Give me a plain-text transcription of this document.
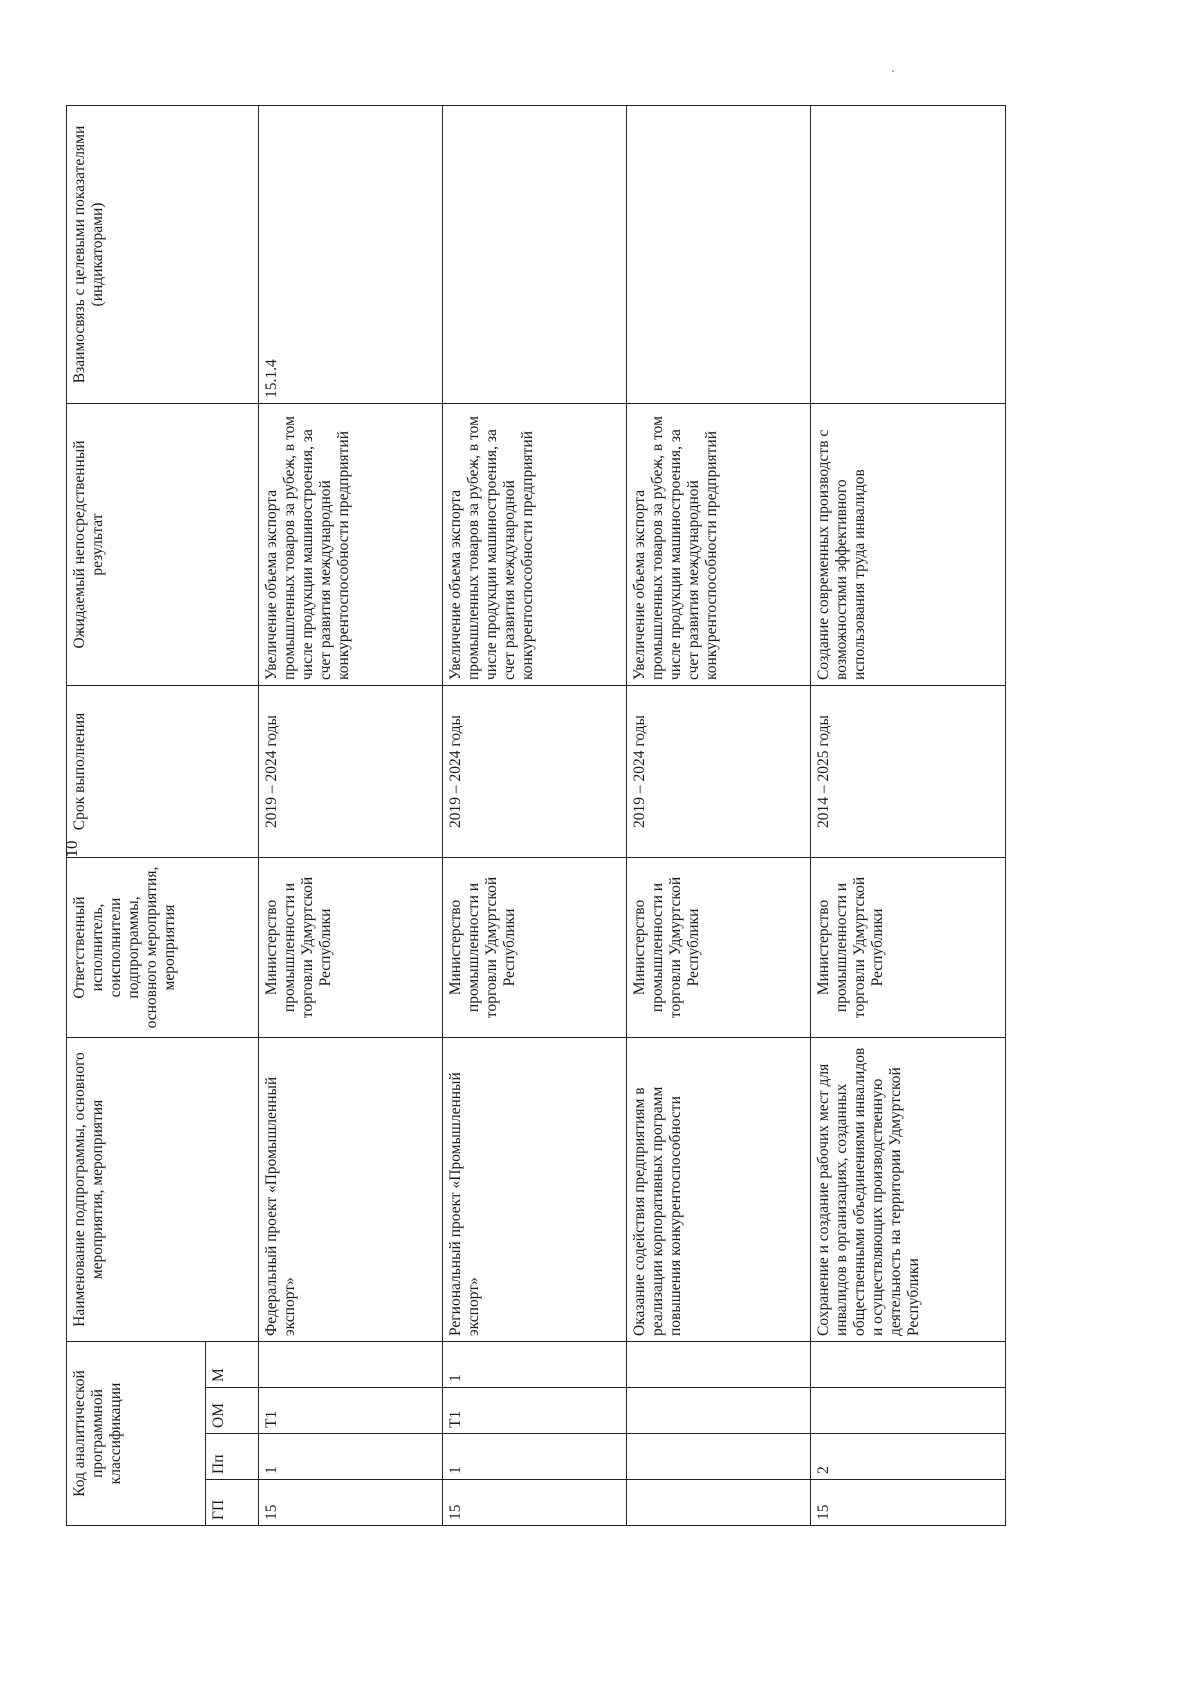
10
Код аналитической программной классификации				Наименование подпрограммы, основного мероприятия, мероприятия	Ответственный исполнитель, соисполнители подпрограммы, основного мероприятия, мероприятия	Срок выполнения	Ожидаемый непосредственный результат	Взаимосвязь с целевыми показателями (индикаторами)
ГП	Пп	ОМ	М					
15	1	Т1		Федеральный проект «Промышленный экспорт»	Министерство промышленности и торговли Удмуртской Республики	2019 – 2024 годы	Увеличение объема экспорта промышленных товаров за рубеж, в том числе продукции машиностроения, за счет развития международной конкурентоспособности предприятий	15.1.4
15	1	Т1	1	Региональный проект «Промышленный экспорт»	Министерство промышленности и торговли Удмуртской Республики	2019 – 2024 годы	Увеличение объема экспорта промышленных товаров за рубеж, в том числе продукции машиностроения, за счет развития международной конкурентоспособности предприятий	
				Оказание содействия предприятиям в реализации корпоративных программ повышения конкурентоспособности	Министерство промышленности и торговли Удмуртской Республики	2019 – 2024 годы	Увеличение объема экспорта промышленных товаров за рубеж, в том числе продукции машиностроения, за счет развития международной конкурентоспособности предприятий	
15	2			Сохранение и создание рабочих мест для инвалидов в организациях, созданных общественными объединениями инвалидов и осуществляющих производственную деятельность на территории Удмуртской Республики	Министерство промышленности и торговли Удмуртской Республики	2014 – 2025 годы	Создание современных производств с возможностями эффективного использования труда инвалидов	
